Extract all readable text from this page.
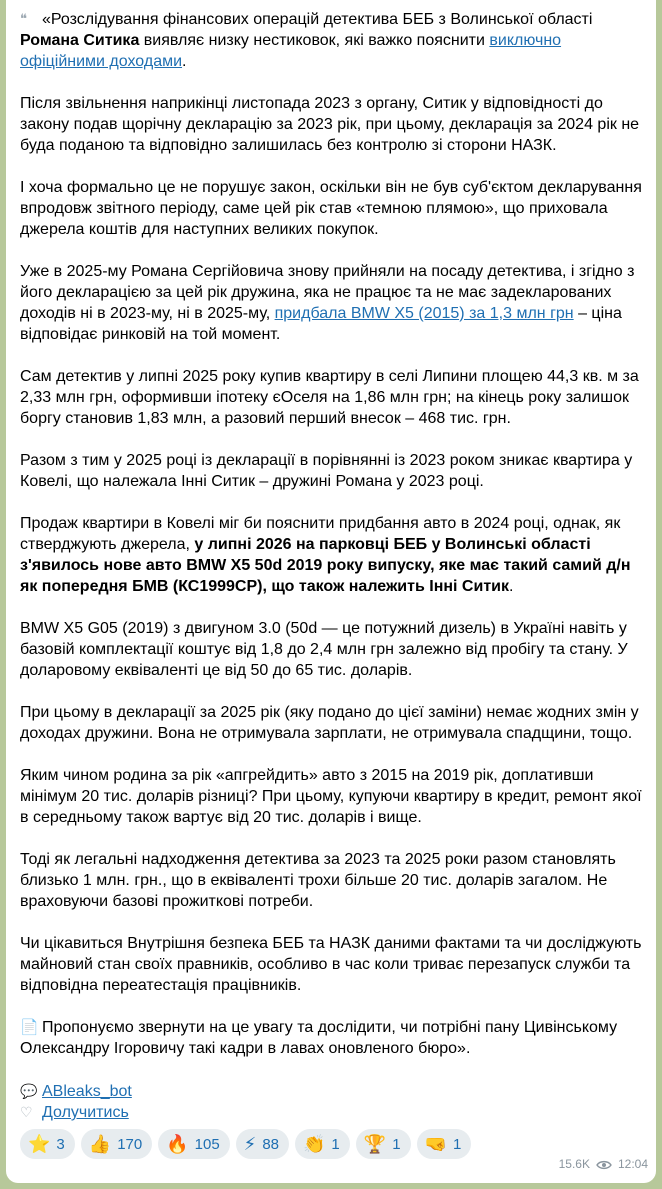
❝ «Розслідування фінансових операцій детектива БЕБ з Волинської області Романа Ситика виявляє низку нестиковок, які важко пояснити виключно офіційними доходами.

Після звільнення наприкінці листопада 2023 з органу, Ситик у відповідності до закону подав щорічну декларацію за 2023 рік, при цьому, декларація за 2024 рік не буда поданою та відповідно залишилась без контролю зі сторони НАЗК.

І хоча формально це не порушує закон, оскільки він не був суб'єктом декларування впродовж звітного періоду, саме цей рік став «темною плямою», що приховала джерела коштів для наступних великих покупок.

Уже в 2025-му Романа Сергійовича знову прийняли на посаду детектива, і згідно з його декларацією за цей рік дружина, яка не працює та не має задекларованих доходів ні в 2023-му, ні в 2025-му, придбала BMW X5 (2015) за 1,3 млн грн – ціна відповідає ринковій на той момент.

Сам детектив у липні 2025 року купив квартиру в селі Липини площею 44,3 кв. м за 2,33 млн грн, оформивши іпотеку єОселя на 1,86 млн грн; на кінець року залишок боргу становив 1,83 млн, а разовий перший внесок – 468 тис. грн.

Разом з тим у 2025 році із декларації в порівнянні із 2023 роком зникає квартира у Ковелі, що належала Інні Ситик – дружині Романа у 2023 році.

Продаж квартири в Ковелі міг би пояснити придбання авто в 2024 році, однак, як стверджують джерела, у липні 2026 на парковці БЕБ у Волинські області з'явилось нове авто BMW X5 50d 2019 року випуску, яке має такий самий д/н як попередня БМВ (КС1999СР), що також належить Інні Ситик.

BMW X5 G05 (2019) з двигуном 3.0 (50d — це потужний дизель) в Україні навіть у базовій комплектації коштує від 1,8 до 2,4 млн грн залежно від пробігу та стану. У доларовому еквіваленті це від 50 до 65 тис. доларів.

При цьому в декларації за 2025 рік (яку подано до цієї заміни) немає жодних змін у доходах дружини. Вона не отримувала зарплати, не отримувала спадщини, тощо.

Яким чином родина за рік «апгрейдить» авто з 2015 на 2019 рік, доплативши мінімум 20 тис. доларів різниці? При цьому, купуючи квартиру в кредит, ремонт якої в середньому також вартує від 20 тис. доларів і вище.

Тоді як легальні надходження детектива за 2023 та 2025 роки разом становлять близько 1 млн. грн., що в еквіваленті трохи більше 20 тис. доларів загалом. Не враховуючи базові прожиткові потреби.

Чи цікавиться Внутрішня безпека БЕБ та НАЗК даними фактами та чи досліджують майновий стан своїх правників, особливо в час коли триває перезапуск служби та відповідна переатестація працівників.

📄 Пропонуємо звернути на це увагу та дослідити, чи потрібні пану Цивінському Олександру Ігоровичу такі кадри в лавах оновленого бюро».

💬 ABleaks_bot
♡ Долучитись
⭐ 3 👍 170 🔥 105 ⚡ 88 👏 1 🏆 1 🤜 1
15.6K 12:04
